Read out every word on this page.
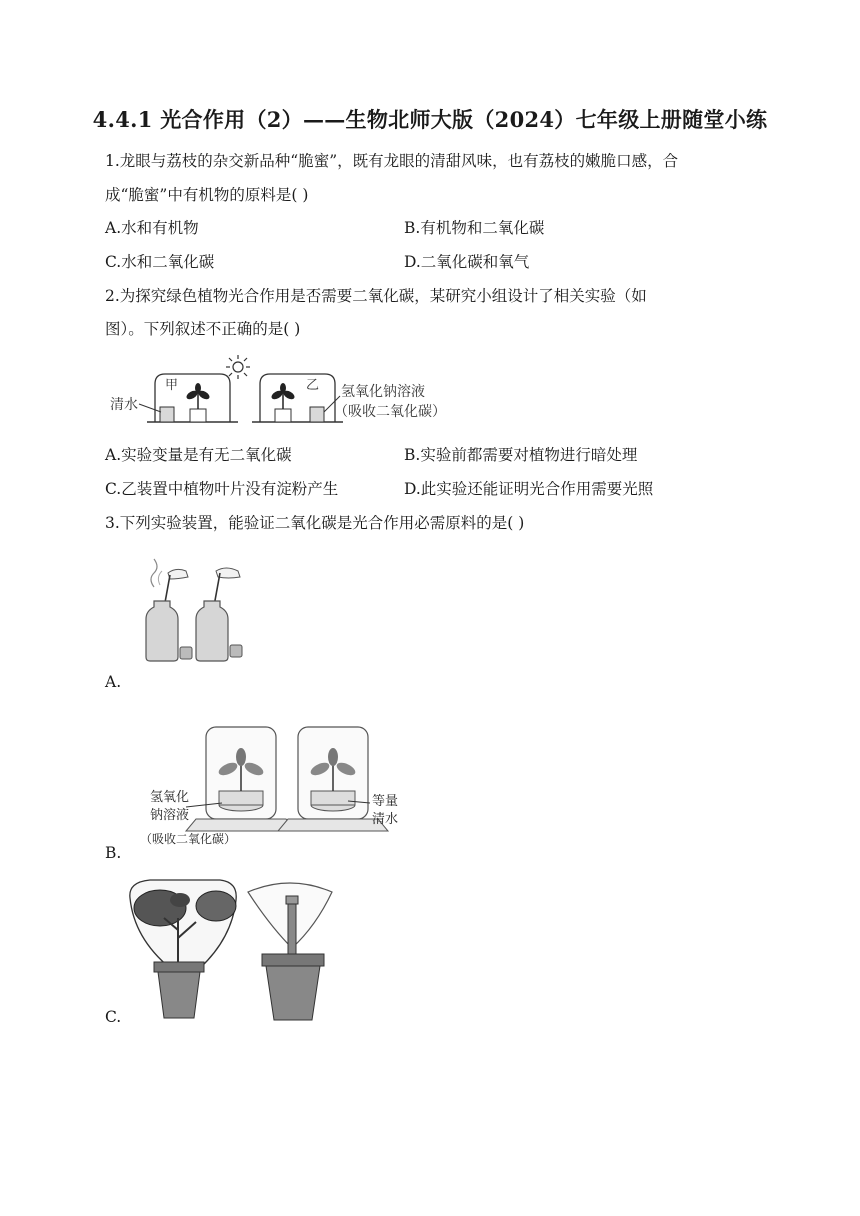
4.4.1 光合作用（2）——生物北师大版（2024）七年级上册随堂小练
1.龙眼与荔枝的杂交新品种“脆蜜”，既有龙眼的清甜风味，也有荔枝的嫩脆口感，合
成“脆蜜”中有机物的原料是( )
A.水和有机物	B.有机物和二氧化碳
C.水和二氧化碳	D.二氧化碳和氧气
2.为探究绿色植物光合作用是否需要二氧化碳，某研究小组设计了相关实验（如
图）。下列叙述不正确的是( )
清水
甲	乙 氢氧化钠溶液
（吸收二氧化碳）
A.实验变量是有无二氧化碳	B.实验前都需要对植物进行暗处理
C.乙装置中植物叶片没有淀粉产生	D.此实验还能证明光合作用需要光照
3.下列实验装置，能验证二氧化碳是光合作用必需原料的是( )
A.
氢氧化
钠溶液
（吸收二氧化碳）
等量
清水
B.
C.
